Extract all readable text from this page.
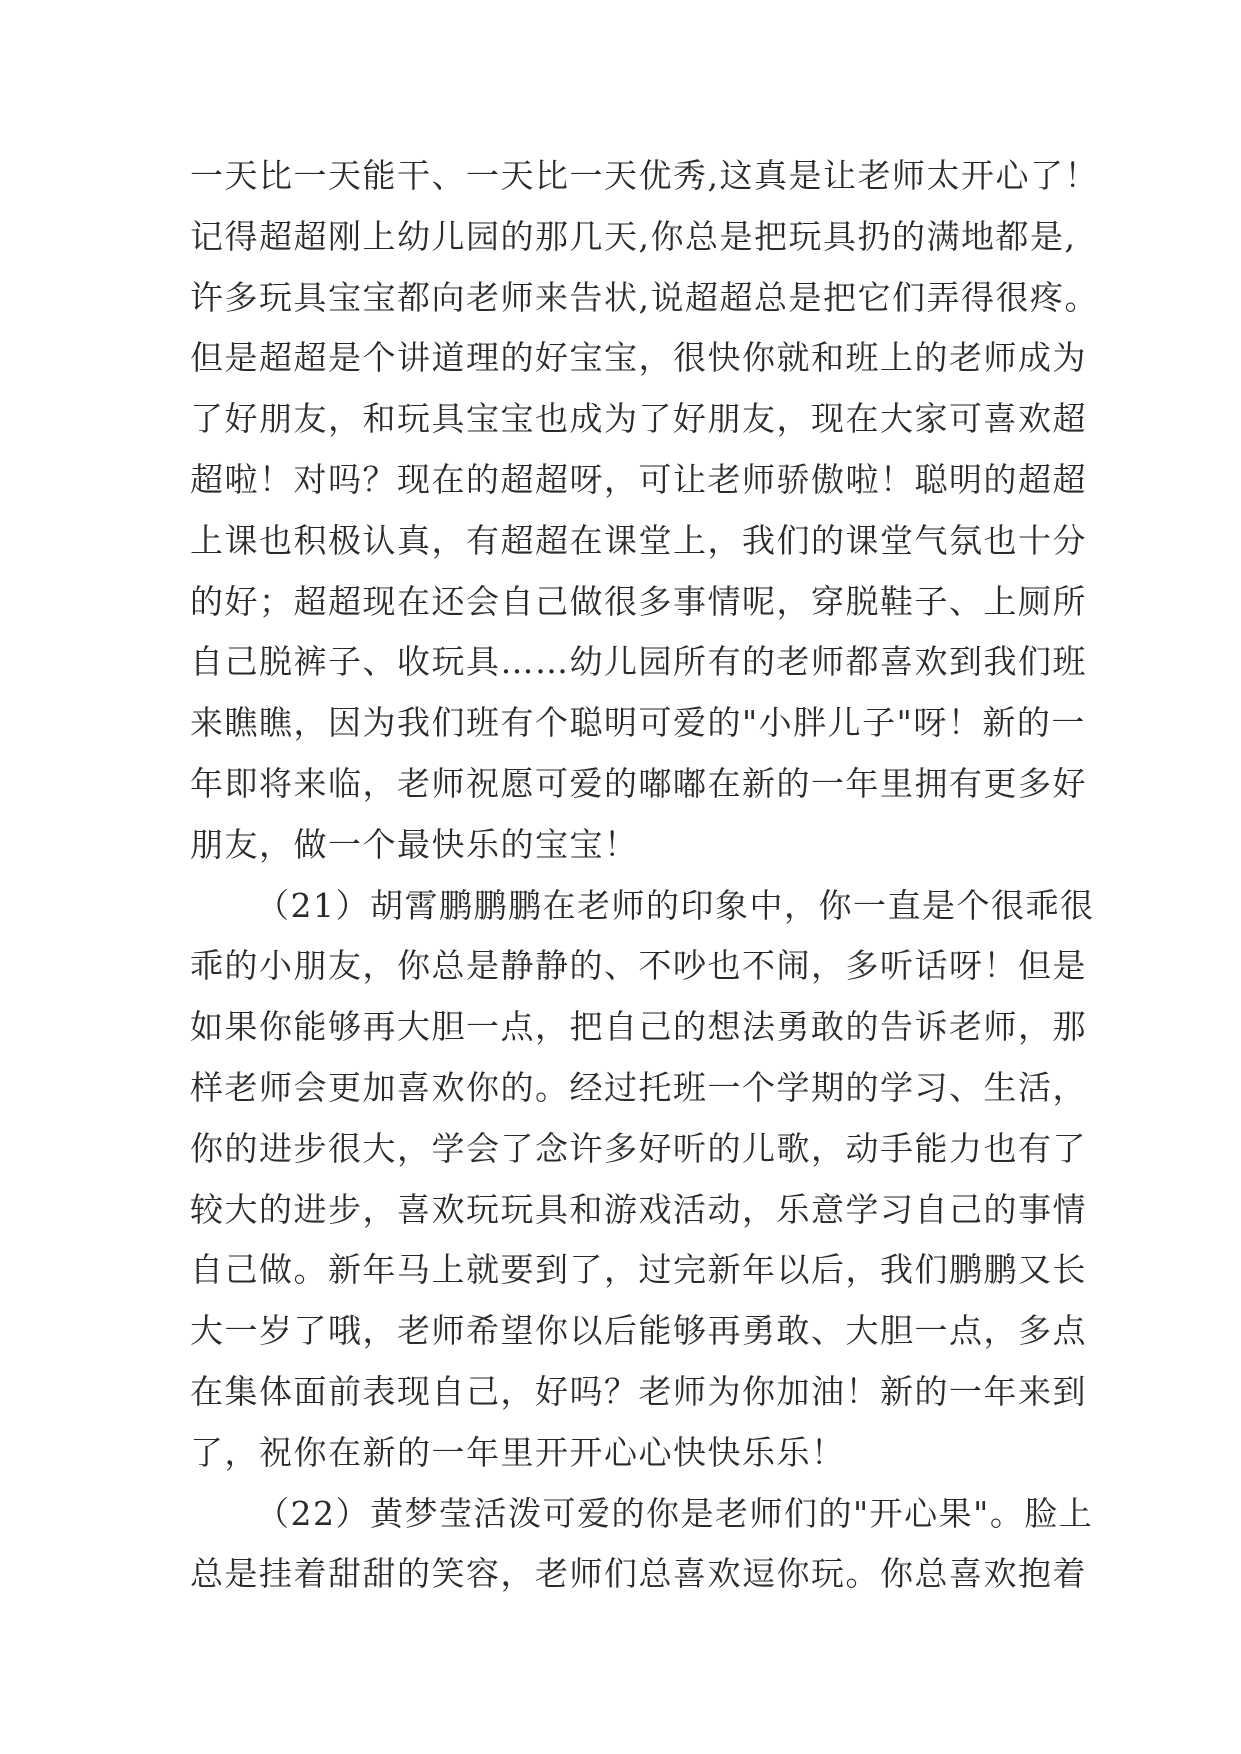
一天比一天能干、一天比一天优秀,这真是让老师太开心了！
记得超超刚上幼儿园的那几天,你总是把玩具扔的满地都是,
许多玩具宝宝都向老师来告状,说超超总是把它们弄得很疼。
但是超超是个讲道理的好宝宝，很快你就和班上的老师成为
了好朋友，和玩具宝宝也成为了好朋友，现在大家可喜欢超
超啦！对吗？现在的超超呀，可让老师骄傲啦！聪明的超超
上课也积极认真，有超超在课堂上，我们的课堂气氛也十分
的好；超超现在还会自己做很多事情呢，穿脱鞋子、上厕所
自己脱裤子、收玩具……幼儿园所有的老师都喜欢到我们班
来瞧瞧，因为我们班有个聪明可爱的"小胖儿子"呀！新的一
年即将来临，老师祝愿可爱的嘟嘟在新的一年里拥有更多好
朋友，做一个最快乐的宝宝！
（21）胡霄鹏鹏鹏在老师的印象中，你一直是个很乖很
乖的小朋友，你总是静静的、不吵也不闹，多听话呀！但是
如果你能够再大胆一点，把自己的想法勇敢的告诉老师，那
样老师会更加喜欢你的。经过托班一个学期的学习、生活，
你的进步很大，学会了念许多好听的儿歌，动手能力也有了
较大的进步，喜欢玩玩具和游戏活动，乐意学习自己的事情
自己做。新年马上就要到了，过完新年以后，我们鹏鹏又长
大一岁了哦，老师希望你以后能够再勇敢、大胆一点，多点
在集体面前表现自己，好吗？老师为你加油！新的一年来到
了，祝你在新的一年里开开心心快快乐乐！
（22）黄梦莹活泼可爱的你是老师们的"开心果"。脸上
总是挂着甜甜的笑容，老师们总喜欢逗你玩。你总喜欢抱着
